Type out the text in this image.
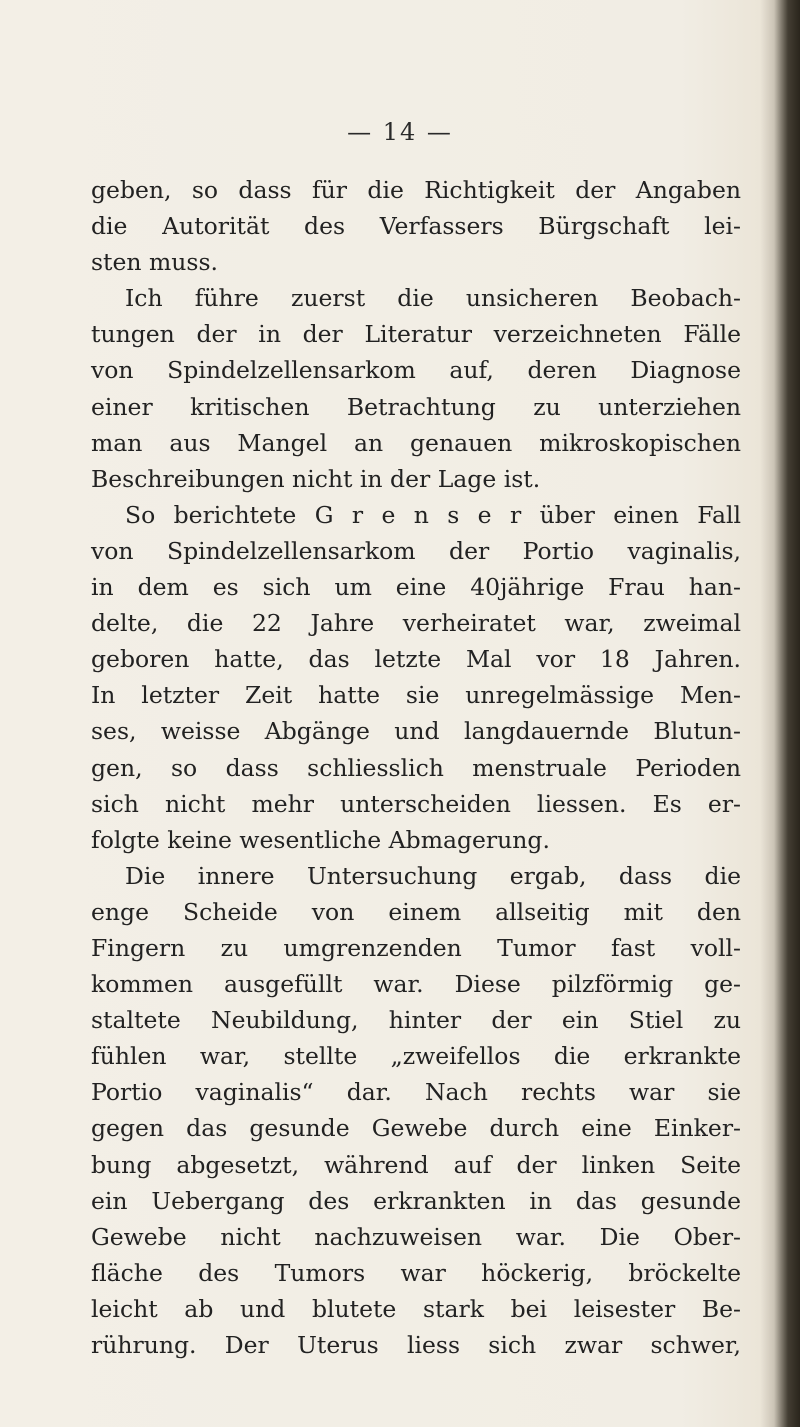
— 14 —
geben, so dass für die Richtigkeit der Angaben
die Autorität des Verfassers Bürgschaft lei-
sten muss.
Ich führe zuerst die unsicheren Beobach-
tungen der in der Literatur verzeichneten Fälle
von Spindelzellensarkom auf, deren Diagnose
einer kritischen Betrachtung zu unterziehen
man aus Mangel an genauen mikroskopischen
Beschreibungen nicht in der Lage ist.
So berichtete G r e n s e r über einen Fall
von Spindelzellensarkom der Portio vaginalis,
in dem es sich um eine 40jährige Frau han-
delte, die 22 Jahre verheiratet war, zweimal
geboren hatte, das letzte Mal vor 18 Jahren.
In letzter Zeit hatte sie unregelmässige Men-
ses, weisse Abgänge und langdauernde Blutun-
gen, so dass schliesslich menstruale Perioden
sich nicht mehr unterscheiden liessen. Es er-
folgte keine wesentliche Abmagerung.
Die innere Untersuchung ergab, dass die
enge Scheide von einem allseitig mit den
Fingern zu umgrenzenden Tumor fast voll-
kommen ausgefüllt war. Diese pilzförmig ge-
staltete Neubildung, hinter der ein Stiel zu
fühlen war, stellte „zweifellos die erkrankte
Portio vaginalis“ dar. Nach rechts war sie
gegen das gesunde Gewebe durch eine Einker-
bung abgesetzt, während auf der linken Seite
ein Uebergang des erkrankten in das gesunde
Gewebe nicht nachzuweisen war. Die Ober-
fläche des Tumors war höckerig, bröckelte
leicht ab und blutete stark bei leisester Be-
rührung. Der Uterus liess sich zwar schwer,
